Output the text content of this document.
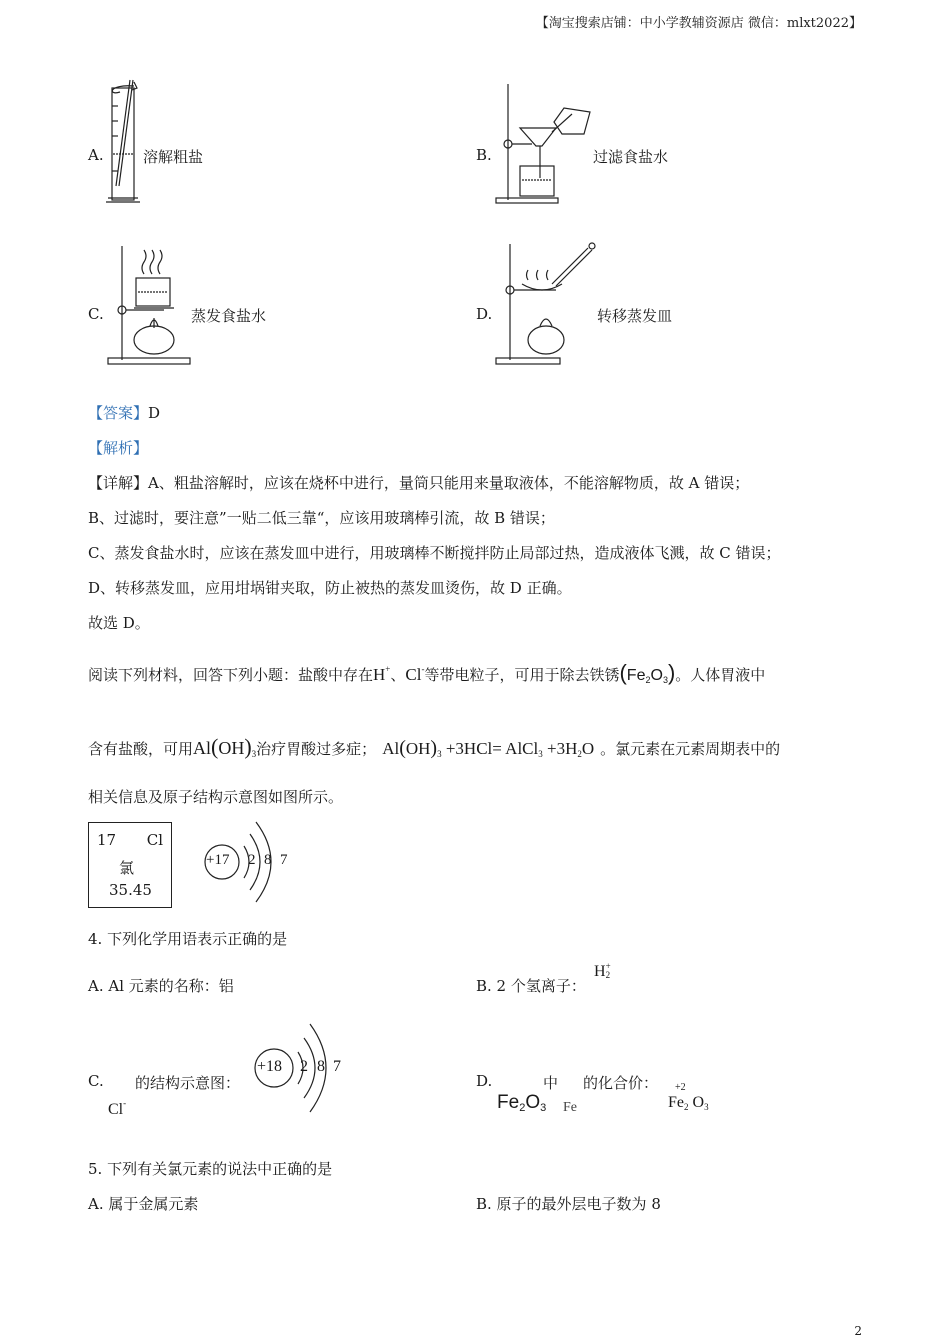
【淘宝搜索店铺：中小学教辅资源店 微信：mlxt2022】
A.	溶解粗盐	B.	过滤食盐水
C.	蒸发食盐水	D.	转移蒸发皿
【答案】D
【解析】
【详解】A、粗盐溶解时，应该在烧杯中进行，量筒只能用来量取液体，不能溶解物质，故 A 错误；
B、过滤时，要注意”一贴二低三靠“，应该用玻璃棒引流，故 B 错误；
C、蒸发食盐水时，应该在蒸发皿中进行，用玻璃棒不断搅拌防止局部过热，造成液体飞溅，故 C 错误；
D、转移蒸发皿，应用坩埚钳夹取，防止被热的蒸发皿烫伤，故 D 正确。
故选 D。
阅读下列材料，回答下列小题：盐酸中存在H+、Cl-等带电粒子，可用于除去铁锈$(Fe_2O_3)$。人体胃液中
含有盐酸，可用$Al(OH)_3$治疗胃酸过多症； $Al(OH)_3 +3HCl=$ AlCl$_3$ $+3H_2O$ 。氯元素在元素周期表中的
相关信息及原子结构示意图如图所示。
17 Cl
氯
35.45
+17 2 8 7
4. 下列化学用语表示正确的是
A. Al 元素的名称：铝	B. 2 个氢离子：
H+
2
C. 的结构示意图：
Cl-
+18 2 8 7
D.	中 的化合价：
$Fe_2O_3$ Fe
+2
$Fe_2$ $O_3$
5. 下列有关氯元素的说法中正确的是
A. 属于金属元素	B. 原子的最外层电子数为 8
2
